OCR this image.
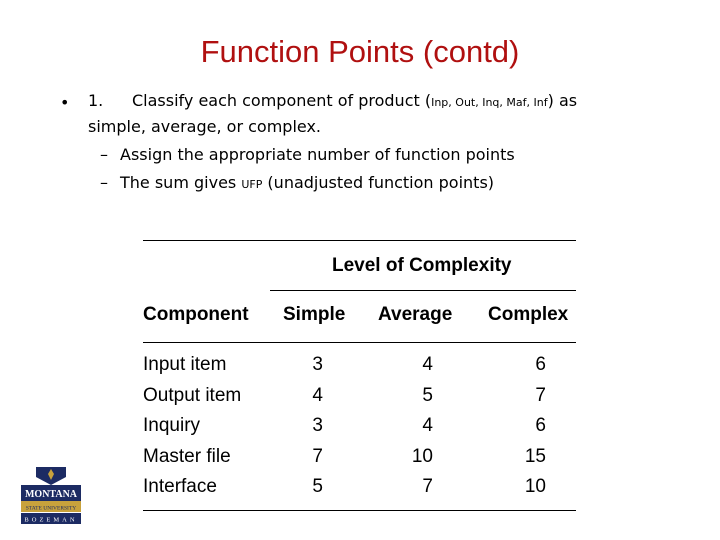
Function Points (contd)
• 1. Classify each component of product (Inp, Out, Inq, Maf, Inf) as
simple, average, or complex.
– Assign the appropriate number of function points
– The sum gives UFP (unadjusted function points)
Level of Complexity
Component Simple Average Complex
Input item	3	4	6
Output item	4	5	7
Inquiry	3	4	6
Master file	7	10	15
Interface	5	7	10
MONTANA
STATE UNIVERSITY
BOZEMAN
